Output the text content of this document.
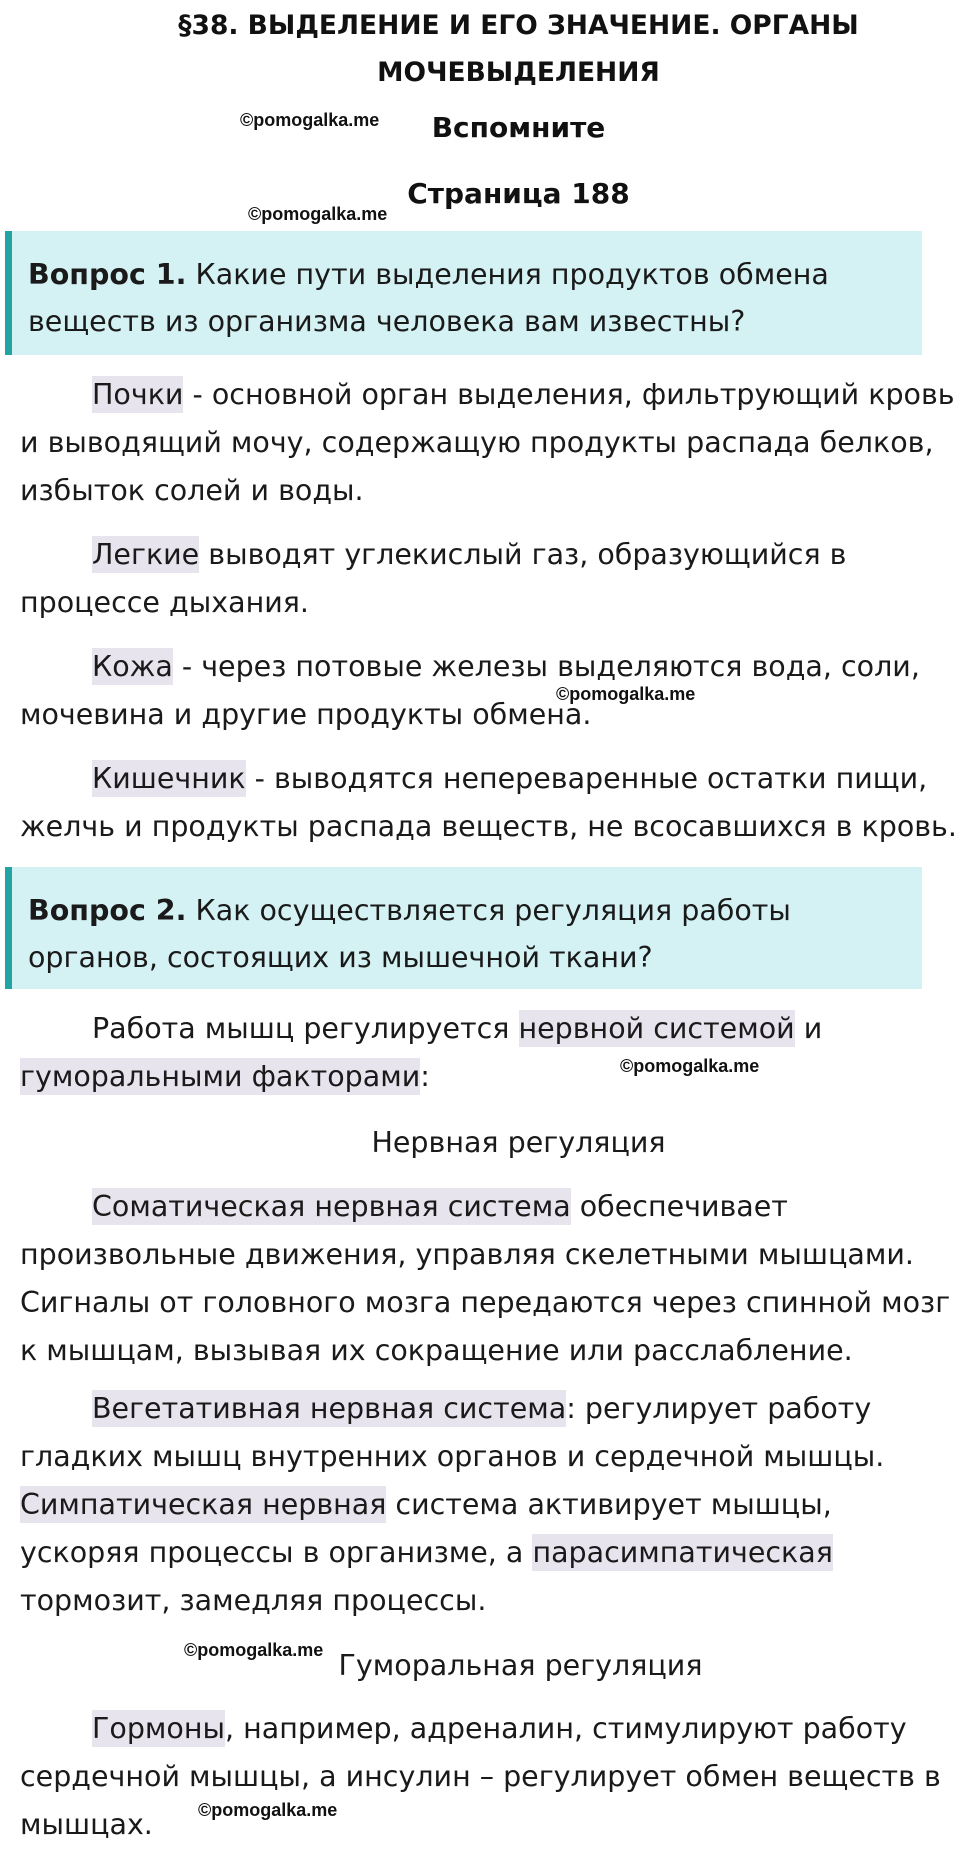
§38. ВЫДЕЛЕНИЕ И ЕГО ЗНАЧЕНИЕ. ОРГАНЫ
МОЧЕВЫДЕЛЕНИЯ
©pomogalka.me	Вспомните
Страница 188
©pomogalka.me
Вопрос 1. Какие пути выделения продуктов обмена веществ из организма человека вам известны?
Почки - основной орган выделения, фильтрующий кровь и выводящий мочу, содержащую продукты распада белков, избыток солей и воды.
Легкие выводят углекислый газ, образующийся в процессе дыхания.
Кожа - через потовые железы выделяются вода, соли, мочевина и другие продукты обмена.
©pomogalka.me
Кишечник - выводятся непереваренные остатки пищи, желчь и продукты распада веществ, не всосавшихся в кровь.
Вопрос 2. Как осуществляется регуляция работы органов, состоящих из мышечной ткани?
Работа мышц регулируется нервной системой и гуморальными факторами:	©pomogalka.me
Нервная регуляция
Соматическая нервная система обеспечивает произвольные движения, управляя скелетными мышцами. Сигналы от головного мозга передаются через спинной мозг к мышцам, вызывая их сокращение или расслабление.
Вегетативная нервная система: регулирует работу гладких мышц внутренних органов и сердечной мышцы. Симпатическая нервная система активирует мышцы, ускоряя процессы в организме, а парасимпатическая тормозит, замедляя процессы.
©pomogalka.me Гуморальная регуляция
Гормоны, например, адреналин, стимулируют работу сердечной мышцы, а инсулин – регулирует обмен веществ в мышцах.	©pomogalka.me
